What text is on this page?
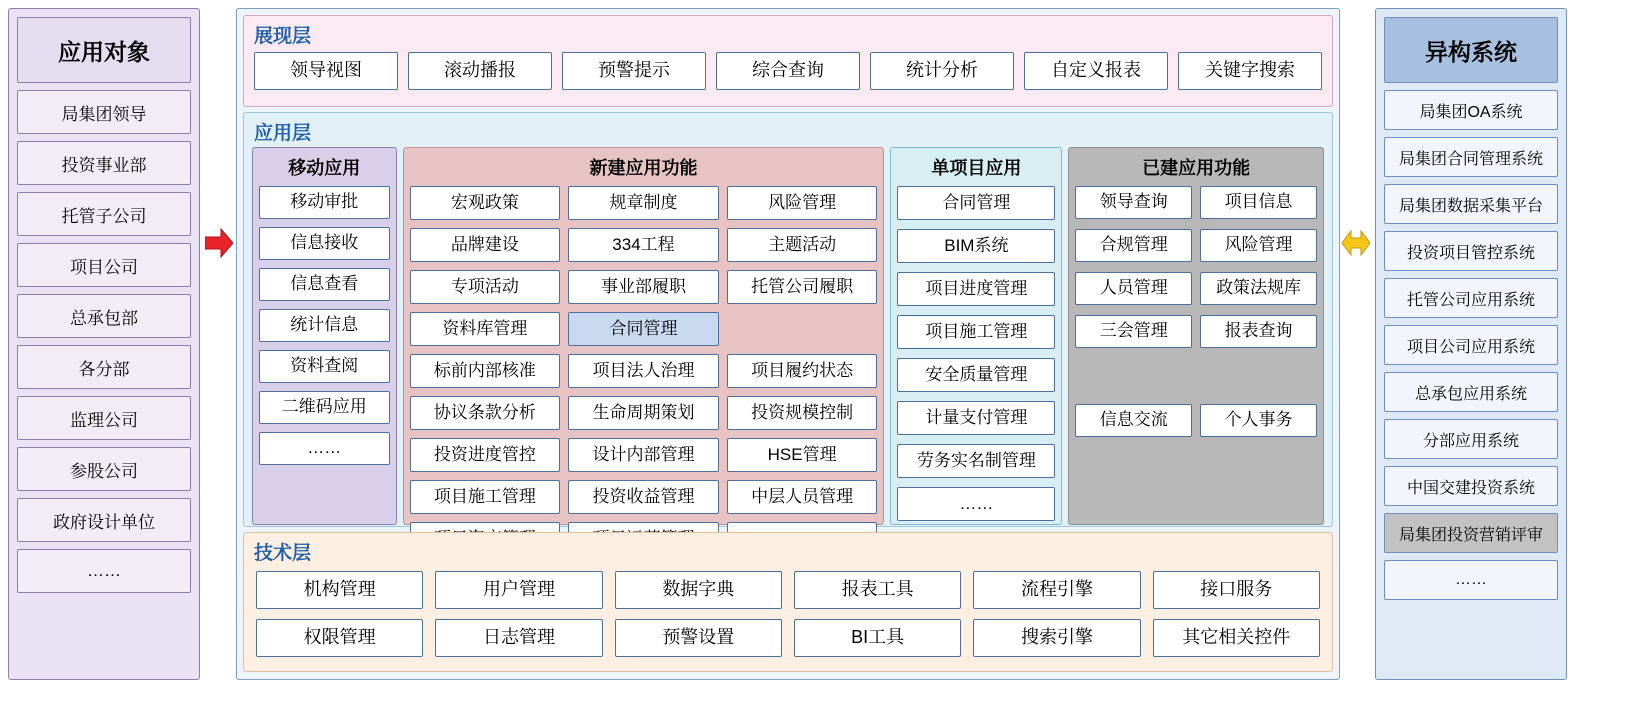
应用对象
局集团领导
投资事业部
托管子公司
项目公司
总承包部
各分部
监理公司
参股公司
政府设计单位
……
展现层
领导视图	滚动播报	预警提示	综合查询	统计分析	自定义报表	关键字搜索
应用层
移动应用
移动审批
信息接收
信息查看
统计信息
资料查阅
二维码应用
……
新建应用功能
宏观政策	规章制度	风险管理
品牌建设	334工程	主题活动
专项活动	事业部履职	托管公司履职
资料库管理	合同管理
标前内部核准	项目法人治理	项目履约状态
协议条款分析	生命周期策划	投资规模控制
投资进度管控	设计内部管理	HSE管理
项目施工管理	投资收益管理	中层人员管理
单项目应用
合同管理
BIM系统
项目进度管理
项目施工管理
安全质量管理
计量支付管理
劳务实名制管理
……
已建应用功能
领导查询	项目信息
合规管理	风险管理
人员管理	政策法规库
三会管理	报表查询
信息交流	个人事务
技术层
机构管理	用户管理	数据字典	报表工具	流程引擎	接口服务
权限管理	日志管理	预警设置	BI工具	搜索引擎	其它相关控件
异构系统
局集团OA系统
局集团合同管理系统
局集团数据采集平台
投资项目管控系统
托管公司应用系统
项目公司应用系统
总承包应用系统
分部应用系统
中国交建投资系统
局集团投资营销评审
……
